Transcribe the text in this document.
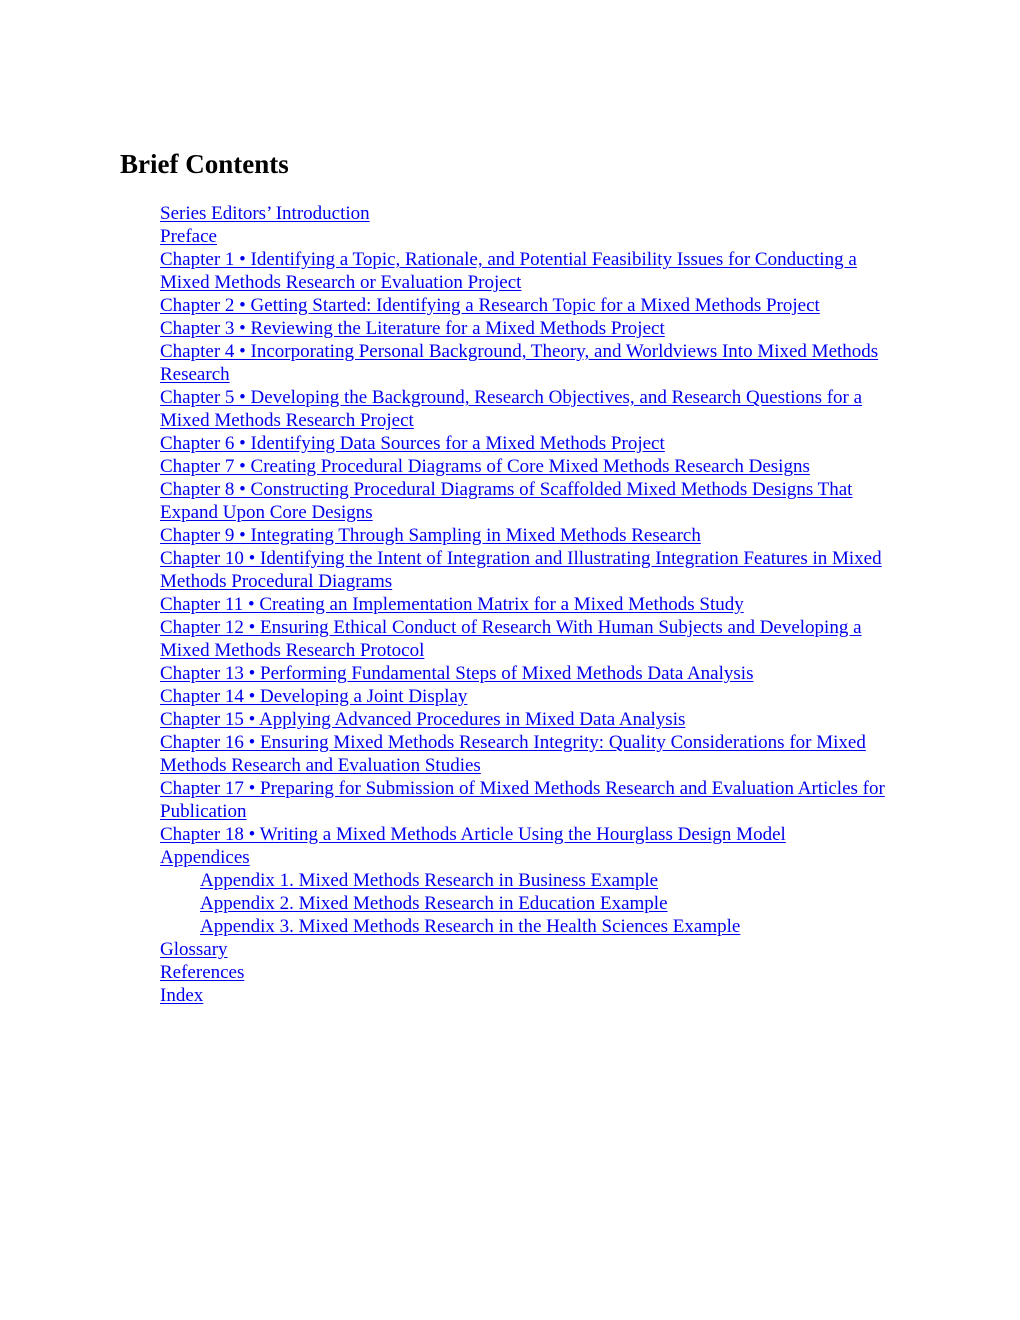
Brief Contents
Series Editors’ Introduction
Preface
Chapter 1 • Identifying a Topic, Rationale, and Potential Feasibility Issues for Conducting a Mixed Methods Research or Evaluation Project
Chapter 2 • Getting Started: Identifying a Research Topic for a Mixed Methods Project
Chapter 3 • Reviewing the Literature for a Mixed Methods Project
Chapter 4 • Incorporating Personal Background, Theory, and Worldviews Into Mixed Methods Research
Chapter 5 • Developing the Background, Research Objectives, and Research Questions for a Mixed Methods Research Project
Chapter 6 • Identifying Data Sources for a Mixed Methods Project
Chapter 7 • Creating Procedural Diagrams of Core Mixed Methods Research Designs
Chapter 8 • Constructing Procedural Diagrams of Scaffolded Mixed Methods Designs That Expand Upon Core Designs
Chapter 9 • Integrating Through Sampling in Mixed Methods Research
Chapter 10 • Identifying the Intent of Integration and Illustrating Integration Features in Mixed Methods Procedural Diagrams
Chapter 11 • Creating an Implementation Matrix for a Mixed Methods Study
Chapter 12 • Ensuring Ethical Conduct of Research With Human Subjects and Developing a Mixed Methods Research Protocol
Chapter 13 • Performing Fundamental Steps of Mixed Methods Data Analysis
Chapter 14 • Developing a Joint Display
Chapter 15 • Applying Advanced Procedures in Mixed Data Analysis
Chapter 16 • Ensuring Mixed Methods Research Integrity: Quality Considerations for Mixed Methods Research and Evaluation Studies
Chapter 17 • Preparing for Submission of Mixed Methods Research and Evaluation Articles for Publication
Chapter 18 • Writing a Mixed Methods Article Using the Hourglass Design Model
Appendices
Appendix 1. Mixed Methods Research in Business Example
Appendix 2. Mixed Methods Research in Education Example
Appendix 3. Mixed Methods Research in the Health Sciences Example
Glossary
References
Index
